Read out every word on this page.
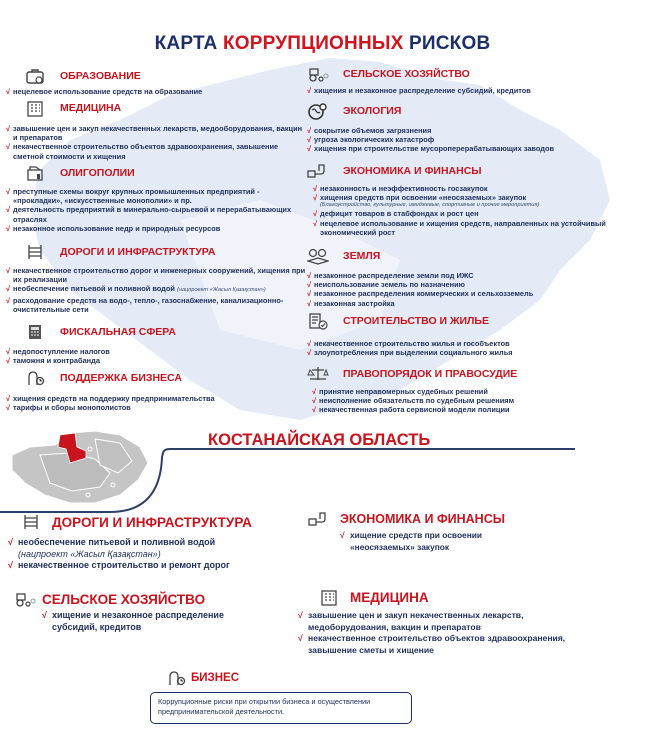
КАРТА КОРРУПЦИОННЫХ РИСКОВ
ОБРАЗОВАНИЕ
√ нецелевое использование средств на образование
МЕДИЦИНА
√ завышение цен и закуп некачественных лекарств, медооборудования, вакцин и препаратов
√ некачественное строительство объектов здравоохранения, завышение сметной стоимости и хищения
ОЛИГОПОЛИИ
√ преступные схемы вокруг крупных промышленных предприятий - «прокладки», «искусственные монополии» и пр.
√ деятельность предприятий в минерально-сырьевой и перерабатывающих отраслях
√ незаконное использование недр и природных ресурсов
ДОРОГИ И ИНФРАСТРУКТУРА
√ некачественное строительство дорог и инженерных сооружений, хищения при их реализации
√ необеспечение питьевой и поливной водой (нацпроект «Жасыл Қазақстан»)
√ расходование средств на водо-, тепло-, газоснабжение, канализационно-очистительные сети
ФИСКАЛЬНАЯ СФЕРА
√ недопоступление налогов
√ таможня и контрабанда
ПОДДЕРЖКА БИЗНЕСА
√ хищения средств на поддержку предпринимательства
√ тарифы и сборы монополистов
СЕЛЬСКОЕ ХОЗЯЙСТВО
√ хищения и незаконное распределение субсидий, кредитов
ЭКОЛОГИЯ
√ сокрытие объемов загрязнения
√ угроза экологических катастроф
√ хищения при строительстве мусороперерабатывающих заводов
ЭКОНОМИКА И ФИНАНСЫ
√ незаконность и неэффективность госзакупок
√ хищения средств при освоении «неосязаемых» закупок
(Благоустройство, культурные, имиджевые, спортивные и прочие мероприятия)
√ дефицит товаров в стабфондах и рост цен
√ нецелевое использование и хищения средств, направленных на устойчивый экономический рост
ЗЕМЛЯ
√ незаконное распределение земли под ИЖС
√ неиспользование земель по назначению
√ незаконное распределения коммерческих и сельхозземель
√ незаконная застройка
СТРОИТЕЛЬСТВО И ЖИЛЬЕ
√ некачественное строительство жилья и гособъектов
√ злоупотребления при выделении социального жилья
ПРАВОПОРЯДОК И ПРАВОСУДИЕ
√ принятие неправомерных судебных решений
√ неисполнение обязательств по судебным решениям
√ некачественная работа сервисной модели полиции
КОСТАНАЙСКАЯ ОБЛАСТЬ
ДОРОГИ И ИНФРАСТРУКТУРА
√ необеспечение питьевой и поливной водой
(нацпроект «Жасыл Қазақстан»)
√ некачественное строительство и ремонт дорог
ЭКОНОМИКА И ФИНАНСЫ
√ хищение средств при освоении «неосязаемых» закупок
СЕЛЬСКОЕ ХОЗЯЙСТВО
√ хищение и незаконное распределение субсидий, кредитов
МЕДИЦИНА
√ завышение цен и закуп некачественных лекарств, медоборудования, вакцин и препаратов
√ некачественное строительство объектов здравоохранения, завышение сметы и хищение
БИЗНЕС
Коррупционные риски при открытии бизнеса и осуществлении предпринимательской деятельности.
